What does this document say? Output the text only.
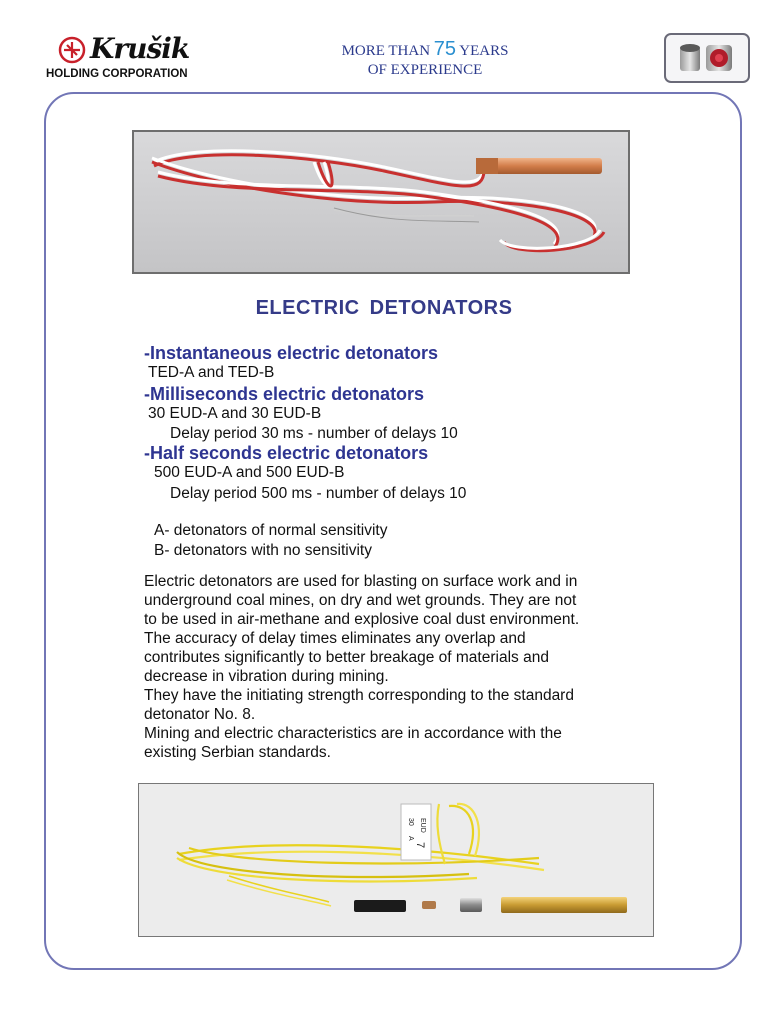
Krušik
HOLDING CORPORATION
MORE THAN 75 YEARS
OF EXPERIENCE
ELECTRIC DETONATORS
-Instantaneous electric detonators
TED-A and TED-B
-Milliseconds electric detonators
30 EUD-A and 30 EUD-B
Delay period 30 ms - number of delays 10
-Half seconds electric detonators
500 EUD-A and 500 EUD-B
Delay period 500 ms - number of delays 10
A- detonators of normal sensitivity
B- detonators with no sensitivity
Electric detonators are used for blasting on surface work and in
underground coal mines, on dry and wet grounds. They are not
to be used in air-methane and explosive coal dust environment.
The accuracy of delay times eliminates any overlap and
contributes significantly to better breakage of materials and
decrease in vibration during mining.
They have the initiating strength corresponding to the standard
detonator No. 8.
Mining and electric characteristics are in accordance with the
existing Serbian standards.
30 EUD
A
7
